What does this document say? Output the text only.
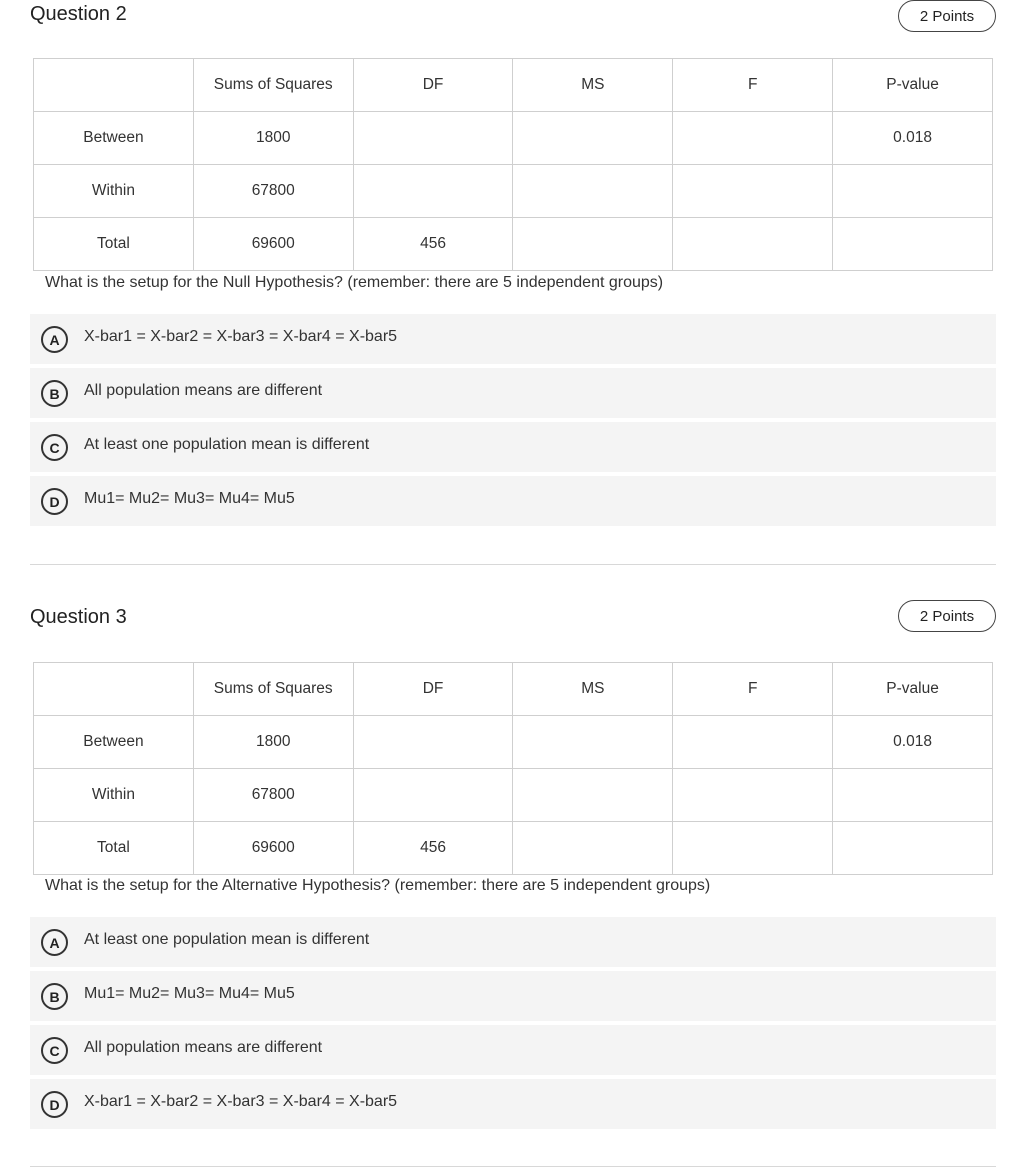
Question 2	2 Points
	Sums of Squares	DF	MS	F	P-value
Between	1800				0.018
Within	67800				
Total	69600	456			
What is the setup for the Null Hypothesis? (remember: there are 5 independent groups)
A	X-bar1 = X-bar2 = X-bar3 = X-bar4 = X-bar5
B	All population means are different
C	At least one population mean is different
D	Mu1= Mu2= Mu3= Mu4= Mu5
Question 3	2 Points
	Sums of Squares	DF	MS	F	P-value
Between	1800				0.018
Within	67800				
Total	69600	456			
What is the setup for the Alternative Hypothesis? (remember: there are 5 independent groups)
A	At least one population mean is different
B	Mu1= Mu2= Mu3= Mu4= Mu5
C	All population means are different
D	X-bar1 = X-bar2 = X-bar3 = X-bar4 = X-bar5
